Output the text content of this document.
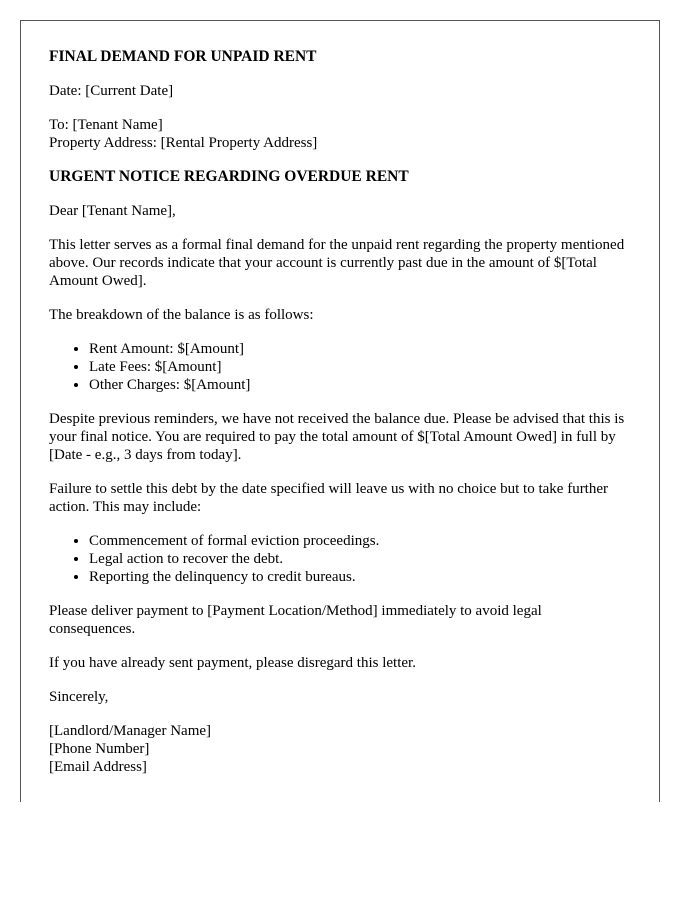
FINAL DEMAND FOR UNPAID RENT

Date: [Current Date]

To: [Tenant Name]
Property Address: [Rental Property Address]
URGENT NOTICE REGARDING OVERDUE RENT

Dear [Tenant Name],

This letter serves as a formal final demand for the unpaid rent regarding the property mentioned above. Our records indicate that your account is currently past due in the amount of $[Total Amount Owed].

The breakdown of the balance is as follows:

• Rent Amount: $[Amount]
• Late Fees: $[Amount]
• Other Charges: $[Amount]

Despite previous reminders, we have not received the balance due. Please be advised that this is your final notice. You are required to pay the total amount of $[Total Amount Owed] in full by [Date - e.g., 3 days from today].

Failure to settle this debt by the date specified will leave us with no choice but to take further action. This may include:

• Commencement of formal eviction proceedings.
• Legal action to recover the debt.
• Reporting the delinquency to credit bureaus.

Please deliver payment to [Payment Location/Method] immediately to avoid legal consequences.

If you have already sent payment, please disregard this letter.

Sincerely,

[Landlord/Manager Name]
[Phone Number]
[Email Address]
